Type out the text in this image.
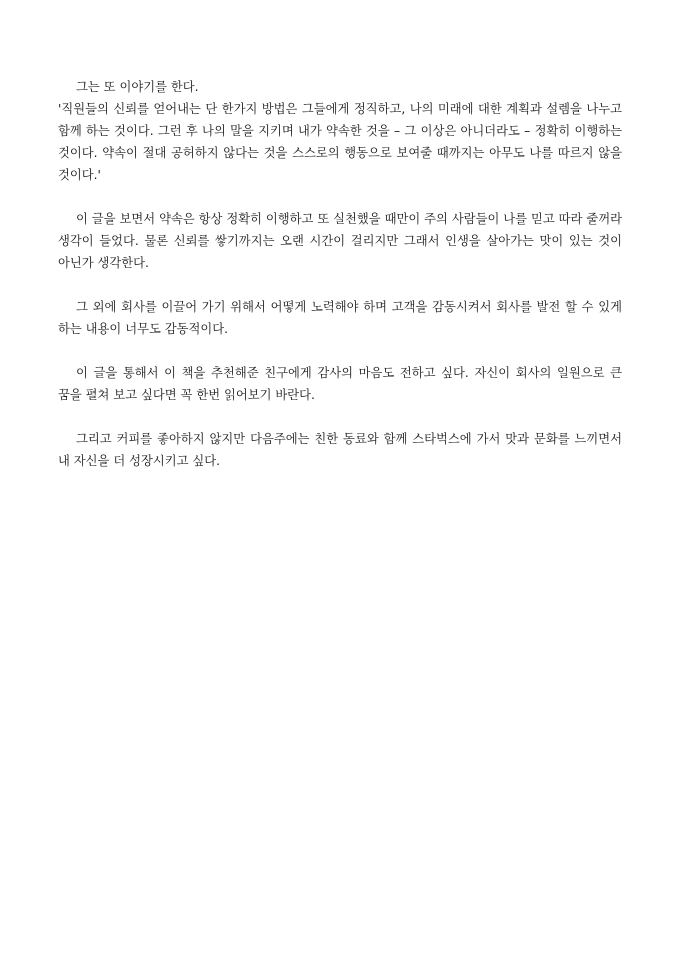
그는 또 이야기를 한다.

'직원들의 신뢰를 얻어내는 단 한가지 방법은 그들에게 정직하고, 나의 미래에 대한 계획과 설렘을 나누고 함께 하는 것이다. 그런 후 나의 말을 지키며 내가 약속한 것을 – 그 이상은 아니더라도 – 정확히 이행하는 것이다. 약속이 절대 공허하지 않다는 것을 스스로의 행동으로 보여줄 때까지는 아무도 나를 따르지 않을 것이다.'

이 글을 보면서 약속은 항상 정확히 이행하고 또 실천했을 때만이 주의 사람들이 나를 믿고 따라 줄꺼라 생각이 들었다. 물론 신뢰를 쌓기까지는 오랜 시간이 걸리지만 그래서 인생을 살아가는 맛이 있는 것이 아닌가 생각한다.

그 외에 회사를 이끌어 가기 위해서 어떻게 노력해야 하며 고객을 감동시켜서 회사를 발전 할 수 있게 하는 내용이 너무도 감동적이다.

이 글을 통해서 이 책을 추천해준 친구에게 감사의 마음도 전하고 싶다. 자신이 회사의 일원으로 큰 꿈을 펼쳐 보고 싶다면 꼭 한번 읽어보기 바란다.

그리고 커피를 좋아하지 않지만 다음주에는 친한 동료와 함께 스타벅스에 가서 맛과 문화를 느끼면서 내 자신을 더 성장시키고 싶다.
